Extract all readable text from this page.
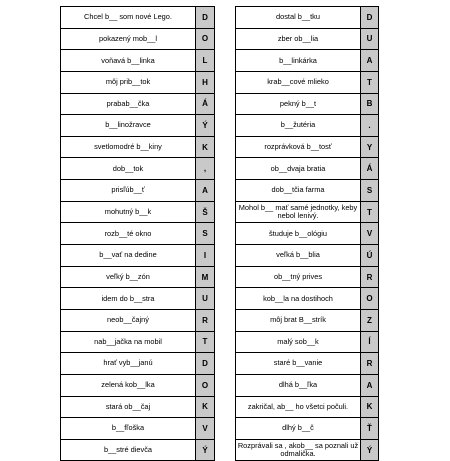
Chcel b__ som nové Lego.	D
pokazený mob__l	O
voňavá b__linka	L
môj prib__tok	H
prabab__čka	Á
b__linožravce	Ý
svetlomodré b__kiny	K
dob__tok	,
prisľúb__ť	A
mohutný b__k	Š
rozb__té okno	S
b__vať na dedine	I
veľký b__zón	M
idem do b__stra	U
neob__čajný	R
nab__jačka na mobil	T
hrať vyb__janú	D
zelená kob__lka	O
stará ob__čaj	K
b__fľoška	V
b__stré dievča	Ý
dostal b__tku	D
zber ob__lia	U
b__linkárka	A
krab__cové mlieko	T
pekný b__t	B
b__žutéria	.
rozprávková b__tosť	Y
ob__dvaja bratia	Á
dob__tčia farma	S
Mohol b__ mať samé jednotky, keby nebol lenivý.	T
študuje b__ológiu	V
veľká b__blia	Ú
ob__tný prives	R
kob__la na dostihoch	O
môj brat B__strík	Z
malý sob__k	Í
staré b__vanie	R
dlhá b__ľka	A
zakričal, ab__ ho všetci počuli.	K
dlhý b__č	Ť
Rozprávali sa , akob__ sa poznali už odmalička.	Ý
